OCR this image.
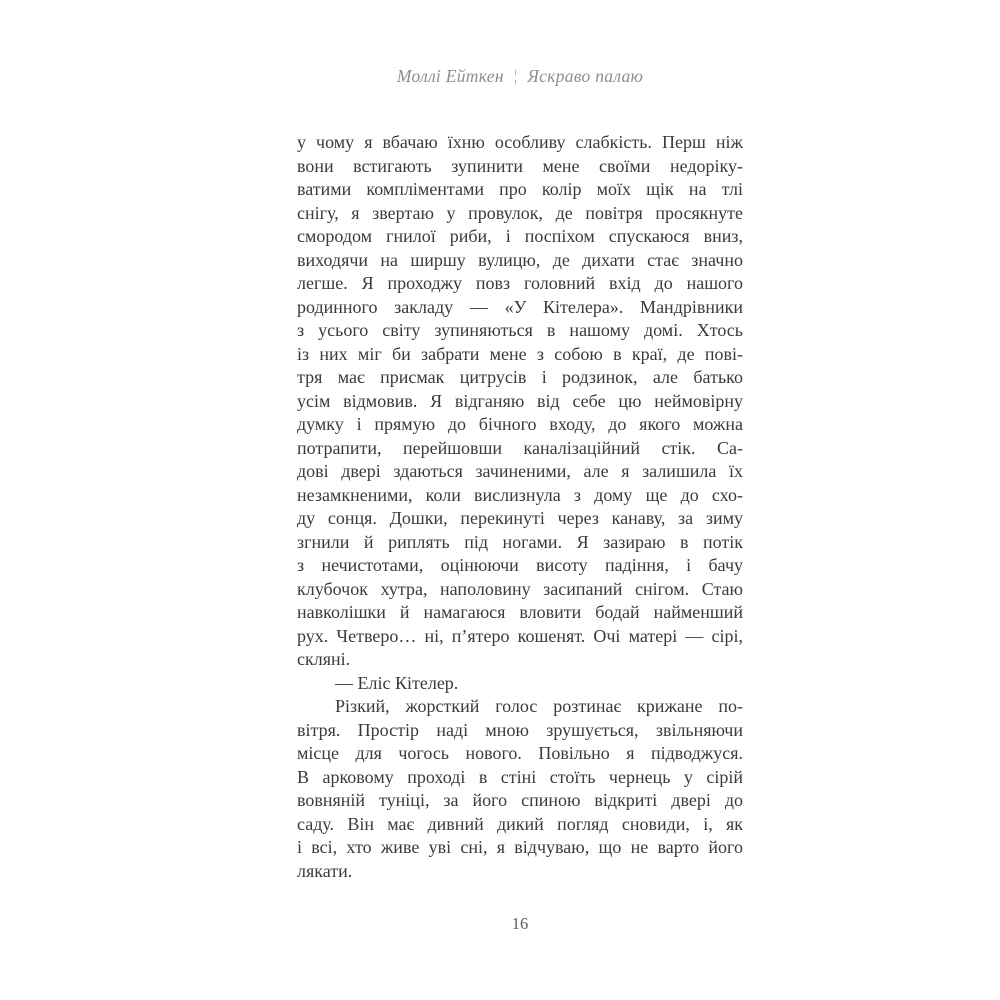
Моллі Ейткен ¦ Яскраво палаю
у чому я вбачаю їхню особливу слабкість. Перш ніж
вони встигають зупинити мене своїми недоріку-
ватими компліментами про колір моїх щік на тлі
снігу, я звертаю у провулок, де повітря просякнуте
смородом гнилої риби, і поспіхом спускаюся вниз,
виходячи на ширшу вулицю, де дихати стає значно
легше. Я проходжу повз головний вхід до нашого
родинного закладу — «У Кітелера». Мандрівники
з усього світу зупиняються в нашому домі. Хтось
із них міг би забрати мене з собою в краї, де пові-
тря має присмак цитрусів і родзинок, але батько
усім відмовив. Я відганяю від себе цю неймовірну
думку і прямую до бічного входу, до якого можна
потрапити, перейшовши каналізаційний стік. Са-
дові двері здаються зачиненими, але я залишила їх
незамкненими, коли вислизнула з дому ще до схо-
ду сонця. Дошки, перекинуті через канаву, за зиму
згнили й риплять під ногами. Я зазираю в потік
з нечистотами, оцінюючи висоту падіння, і бачу
клубочок хутра, наполовину засипаний снігом. Стаю
навколішки й намагаюся вловити бодай найменший
рух. Четверо… ні, пʼятеро кошенят. Очі матері — сірі,
скляні.
— Еліс Кітелер.
Різкий, жорсткий голос розтинає крижане по-
вітря. Простір наді мною зрушується, звільняючи
місце для чогось нового. Повільно я підводжуся.
В арковому проході в стіні стоїть чернець у сірій
вовняній туніці, за його спиною відкриті двері до
саду. Він має дивний дикий погляд сновиди, і, як
і всі, хто живе уві сні, я відчуваю, що не варто його
лякати.
16
